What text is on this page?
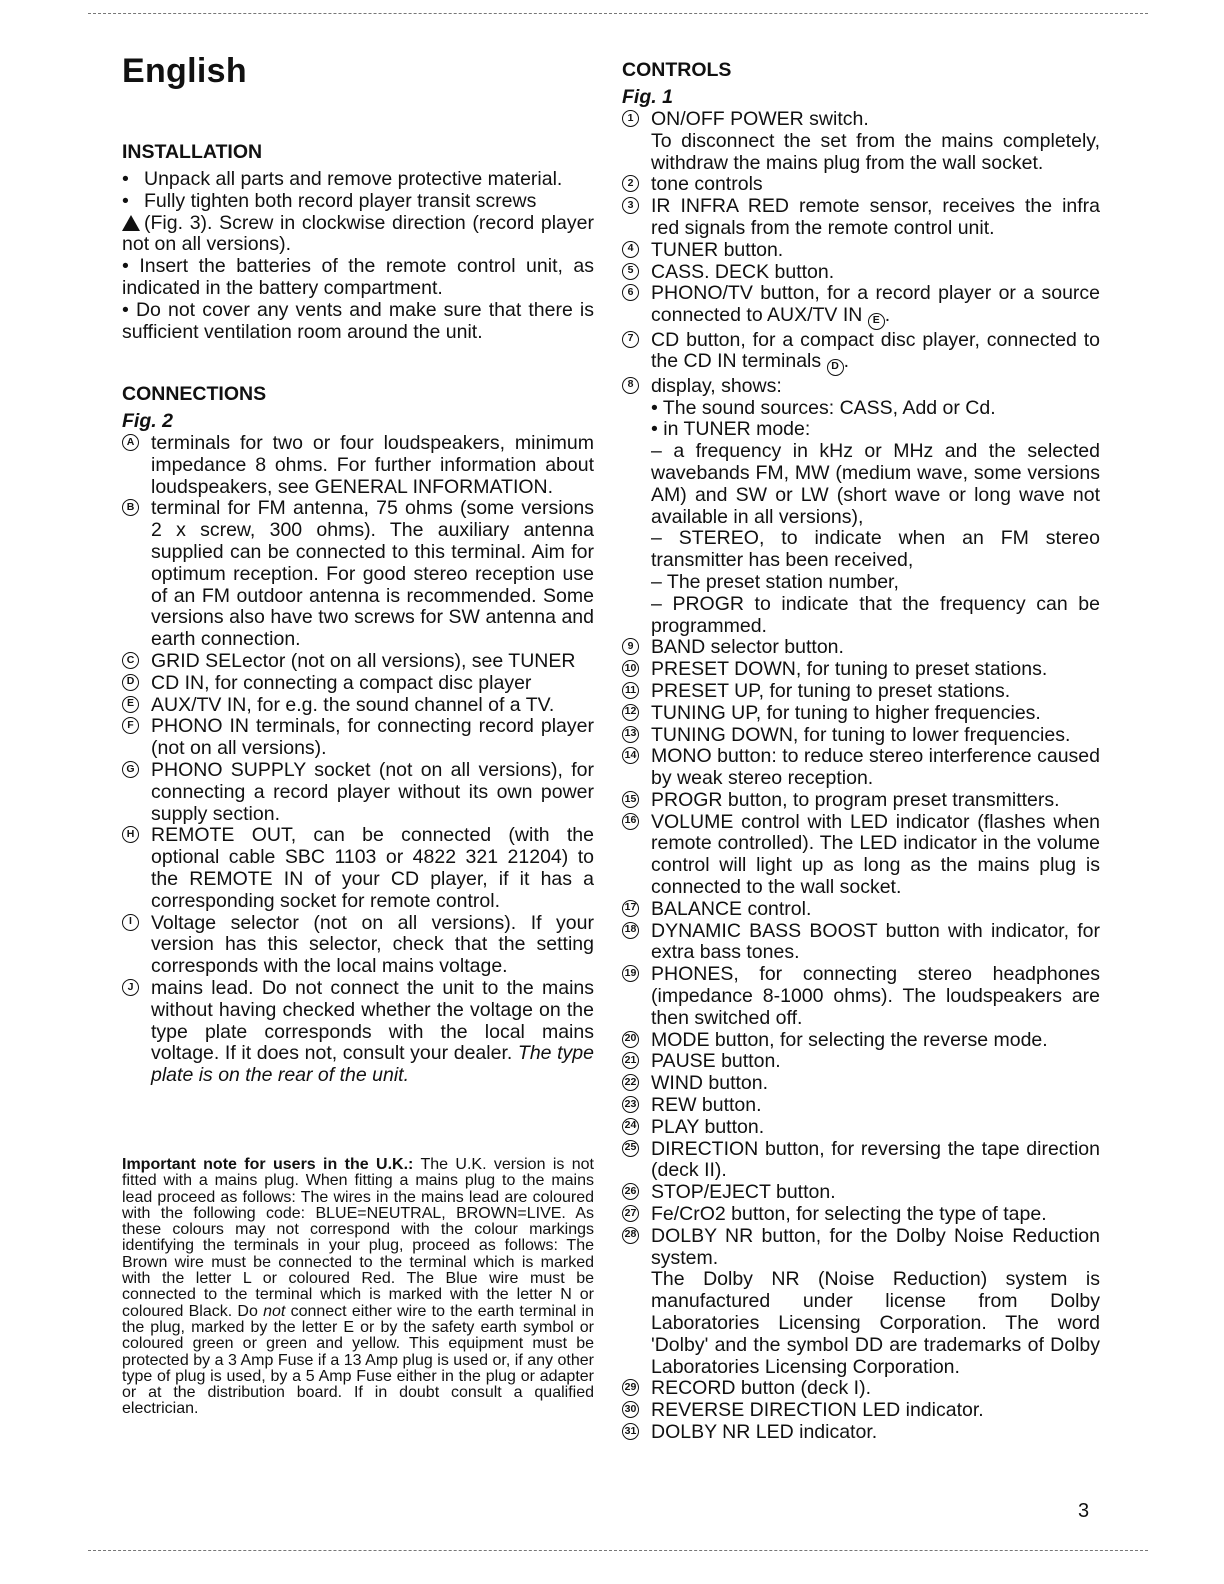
English

INSTALLATION

• Unpack all parts and remove protective material.
• Fully tighten both record player transit screws
(Fig. 3). Screw in clockwise direction (record player not on all versions).
• Insert the batteries of the remote control unit, as indicated in the battery compartment.
• Do not cover any vents and make sure that there is sufficient ventilation room around the unit.

CONNECTIONS

Fig. 2

A terminals for two or four loudspeakers, minimum impedance 8 ohms. For further information about loudspeakers, see GENERAL INFORMATION.
B terminal for FM antenna, 75 ohms (some versions 2 x screw, 300 ohms). The auxiliary antenna supplied can be connected to this terminal. Aim for optimum reception. For good stereo reception use of an FM outdoor antenna is recommended. Some versions also have two screws for SW antenna and earth connection.
C GRID SELector (not on all versions), see TUNER
D CD IN, for connecting a compact disc player
E AUX/TV IN, for e.g. the sound channel of a TV.
F PHONO IN terminals, for connecting record player (not on all versions).
G PHONO SUPPLY socket (not on all versions), for connecting a record player without its own power supply section.
H REMOTE OUT, can be connected (with the optional cable SBC 1103 or 4822 321 21204) to the REMOTE IN of your CD player, if it has a corresponding socket for remote control.
I Voltage selector (not on all versions). If your version has this selector, check that the setting corresponds with the local mains voltage.
J mains lead. Do not connect the unit to the mains without having checked whether the voltage on the type plate corresponds with the local mains voltage. If it does not, consult your dealer. The type plate is on the rear of the unit.

Important note for users in the U.K.: The U.K. version is not fitted with a mains plug. When fitting a mains plug to the mains lead proceed as follows: The wires in the mains lead are coloured with the following code: BLUE=NEUTRAL, BROWN=LIVE. As these colours may not correspond with the colour markings identifying the terminals in your plug, proceed as follows: The Brown wire must be connected to the terminal which is marked with the letter L or coloured Red. The Blue wire must be connected to the terminal which is marked with the letter N or coloured Black. Do not connect either wire to the earth terminal in the plug, marked by the letter E or by the safety earth symbol or coloured green or green and yellow. This equipment must be protected by a 3 Amp Fuse if a 13 Amp plug is used or, if any other type of plug is used, by a 5 Amp Fuse either in the plug or adapter or at the distribution board. If in doubt consult a qualified electrician.

CONTROLS

Fig. 1

1 ON/OFF POWER switch.
To disconnect the set from the mains completely, withdraw the mains plug from the wall socket.
2 tone controls
3 IR INFRA RED remote sensor, receives the infra red signals from the remote control unit.
4 TUNER button.
5 CASS. DECK button.
6 PHONO/TV button, for a record player or a source connected to AUX/TV IN E .
7 CD button, for a compact disc player, connected to the CD IN terminals D .
8 display, shows:
• The sound sources: CASS, Add or Cd.
• in TUNER mode:
– a frequency in kHz or MHz and the selected wavebands FM, MW (medium wave, some versions AM) and SW or LW (short wave or long wave not available in all versions),
– STEREO, to indicate when an FM stereo transmitter has been received,
– The preset station number,
– PROGR to indicate that the frequency can be programmed.
9 BAND selector button.
10 PRESET DOWN, for tuning to preset stations.
11 PRESET UP, for tuning to preset stations.
12 TUNING UP, for tuning to higher frequencies.
13 TUNING DOWN, for tuning to lower frequencies.
14 MONO button: to reduce stereo interference caused by weak stereo reception.
15 PROGR button, to program preset transmitters.
16 VOLUME control with LED indicator (flashes when remote controlled). The LED indicator in the volume control will light up as long as the mains plug is connected to the wall socket.
17 BALANCE control.
18 DYNAMIC BASS BOOST button with indicator, for extra bass tones.
19 PHONES, for connecting stereo headphones (impedance 8-1000 ohms). The loudspeakers are then switched off.
20 MODE button, for selecting the reverse mode.
21 PAUSE button.
22 WIND button.
23 REW button.
24 PLAY button.
25 DIRECTION button, for reversing the tape direction (deck II).
26 STOP/EJECT button.
27 Fe/CrO2 button, for selecting the type of tape.
28 DOLBY NR button, for the Dolby Noise Reduction system.
The Dolby NR (Noise Reduction) system is manufactured under license from Dolby Laboratories Licensing Corporation. The word 'Dolby' and the symbol DD are trademarks of Dolby Laboratories Licensing Corporation.
29 RECORD button (deck I).
30 REVERSE DIRECTION LED indicator.
31 DOLBY NR LED indicator.
3
